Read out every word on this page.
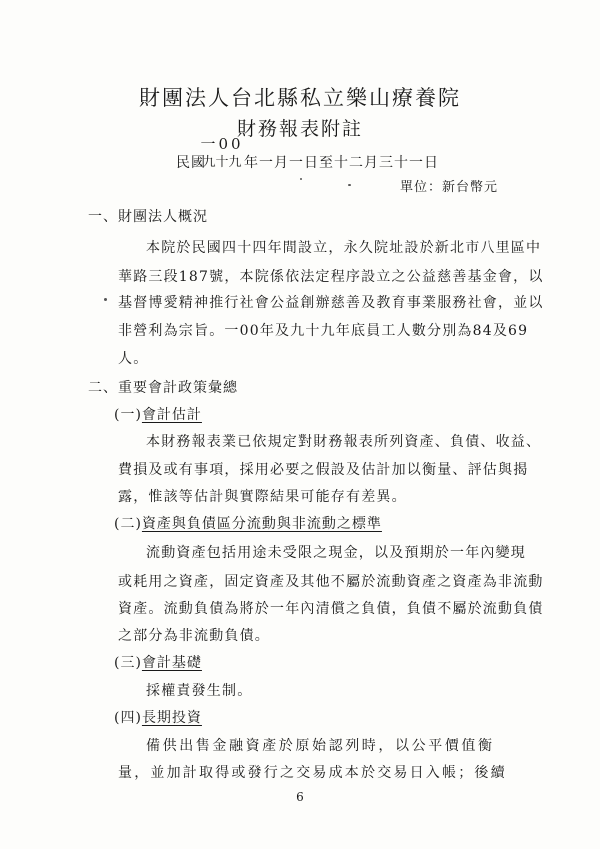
財團法人台北縣私立樂山療養院
財務報表附註
民國
一00
九十九 年一月一日至十二月三十一日
單位：新台幣元
一、財團法人概況
本院於民國四十四年間設立，永久院址設於新北市八里區中
華路三段187號，本院係依法定程序設立之公益慈善基金會，以
基督博愛精神推行社會公益創辦慈善及教育事業服務社會，並以
非營利為宗旨。一00年及九十九年底員工人數分別為84及69
人。
二、重要會計政策彙總
(一)會計估計
本財務報表業已依規定對財務報表所列資產、負債、收益、
費損及或有事項，採用必要之假設及估計加以衡量、評估與揭
露，惟該等估計與實際結果可能存有差異。
(二)資產與負債區分流動與非流動之標準
流動資產包括用途未受限之現金，以及預期於一年內變現
或耗用之資產，固定資產及其他不屬於流動資產之資產為非流動
資產。流動負債為將於一年內清償之負債，負債不屬於流動負債
之部分為非流動負債。
(三)會計基礎
採權責發生制。
(四)長期投資
備供出售金融資產於原始認列時，以公平價值衡
量，並加計取得或發行之交易成本於交易日入帳；後續
6
